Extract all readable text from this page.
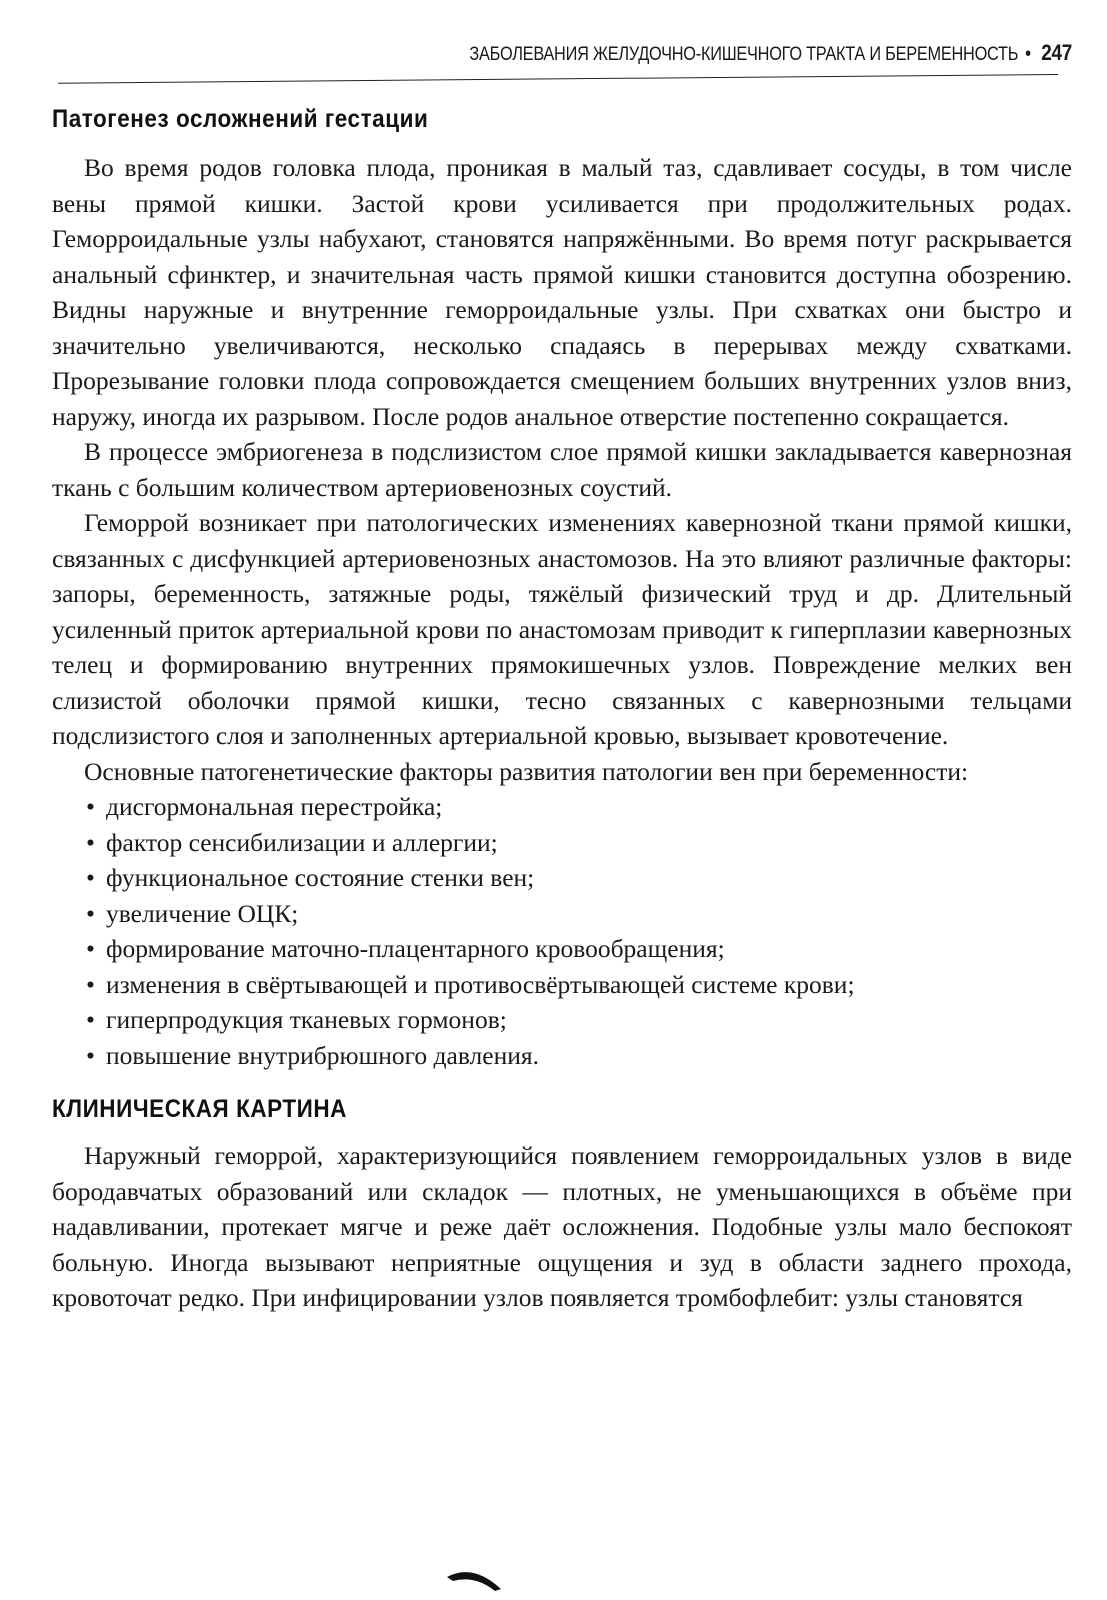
ЗАБОЛЕВАНИЯ ЖЕЛУДОЧНО-КИШЕЧНОГО ТРАКТА И БЕРЕМЕННОСТЬ • 247
Патогенез осложнений гестации

Во время родов головка плода, проникая в малый таз, сдавливает сосуды, в том числе вены прямой кишки. Застой крови усиливается при продолжительных родах. Геморроидальные узлы набухают, становятся напряжёнными. Во время потуг раскрывается анальный сфинктер, и значительная часть прямой кишки становится доступна обозрению. Видны наружные и внутренние геморроидальные узлы. При схватках они быстро и значительно увеличиваются, несколько спадаясь в перерывах между схватками. Прорезывание головки плода сопровождается смещением больших внутренних узлов вниз, наружу, иногда их разрывом. После родов анальное отверстие постепенно сокращается.

В процессе эмбриогенеза в подслизистом слое прямой кишки закладывается кавернозная ткань с большим количеством артериовенозных соустий.

Геморрой возникает при патологических изменениях кавернозной ткани прямой кишки, связанных с дисфункцией артериовенозных анастомозов. На это влияют различные факторы: запоры, беременность, затяжные роды, тяжёлый физический труд и др. Длительный усиленный приток артериальной крови по анастомозам приводит к гиперплазии кавернозных телец и формированию внутренних прямокишечных узлов. Повреждение мелких вен слизистой оболочки прямой кишки, тесно связанных с кавернозными тельцами подслизистого слоя и заполненных артериальной кровью, вызывает кровотечение.

Основные патогенетические факторы развития патологии вен при беременности:

• дисгормональная перестройка;
• фактор сенсибилизации и аллергии;
• функциональное состояние стенки вен;
• увеличение ОЦК;
• формирование маточно-плацентарного кровообращения;
• изменения в свёртывающей и противосвёртывающей системе крови;
• гиперпродукция тканевых гормонов;
• повышение внутрибрюшного давления.
КЛИНИЧЕСКАЯ КАРТИНА

Наружный геморрой, характеризующийся появлением геморроидальных узлов в виде бородавчатых образований или складок — плотных, не уменьшающихся в объёме при надавливании, протекает мягче и реже даёт осложнения. Подобные узлы мало беспокоят больную. Иногда вызывают неприятные ощущения и зуд в области заднего прохода, кровоточат редко. При инфицировании узлов появляется тромбофлебит: узлы становятся
